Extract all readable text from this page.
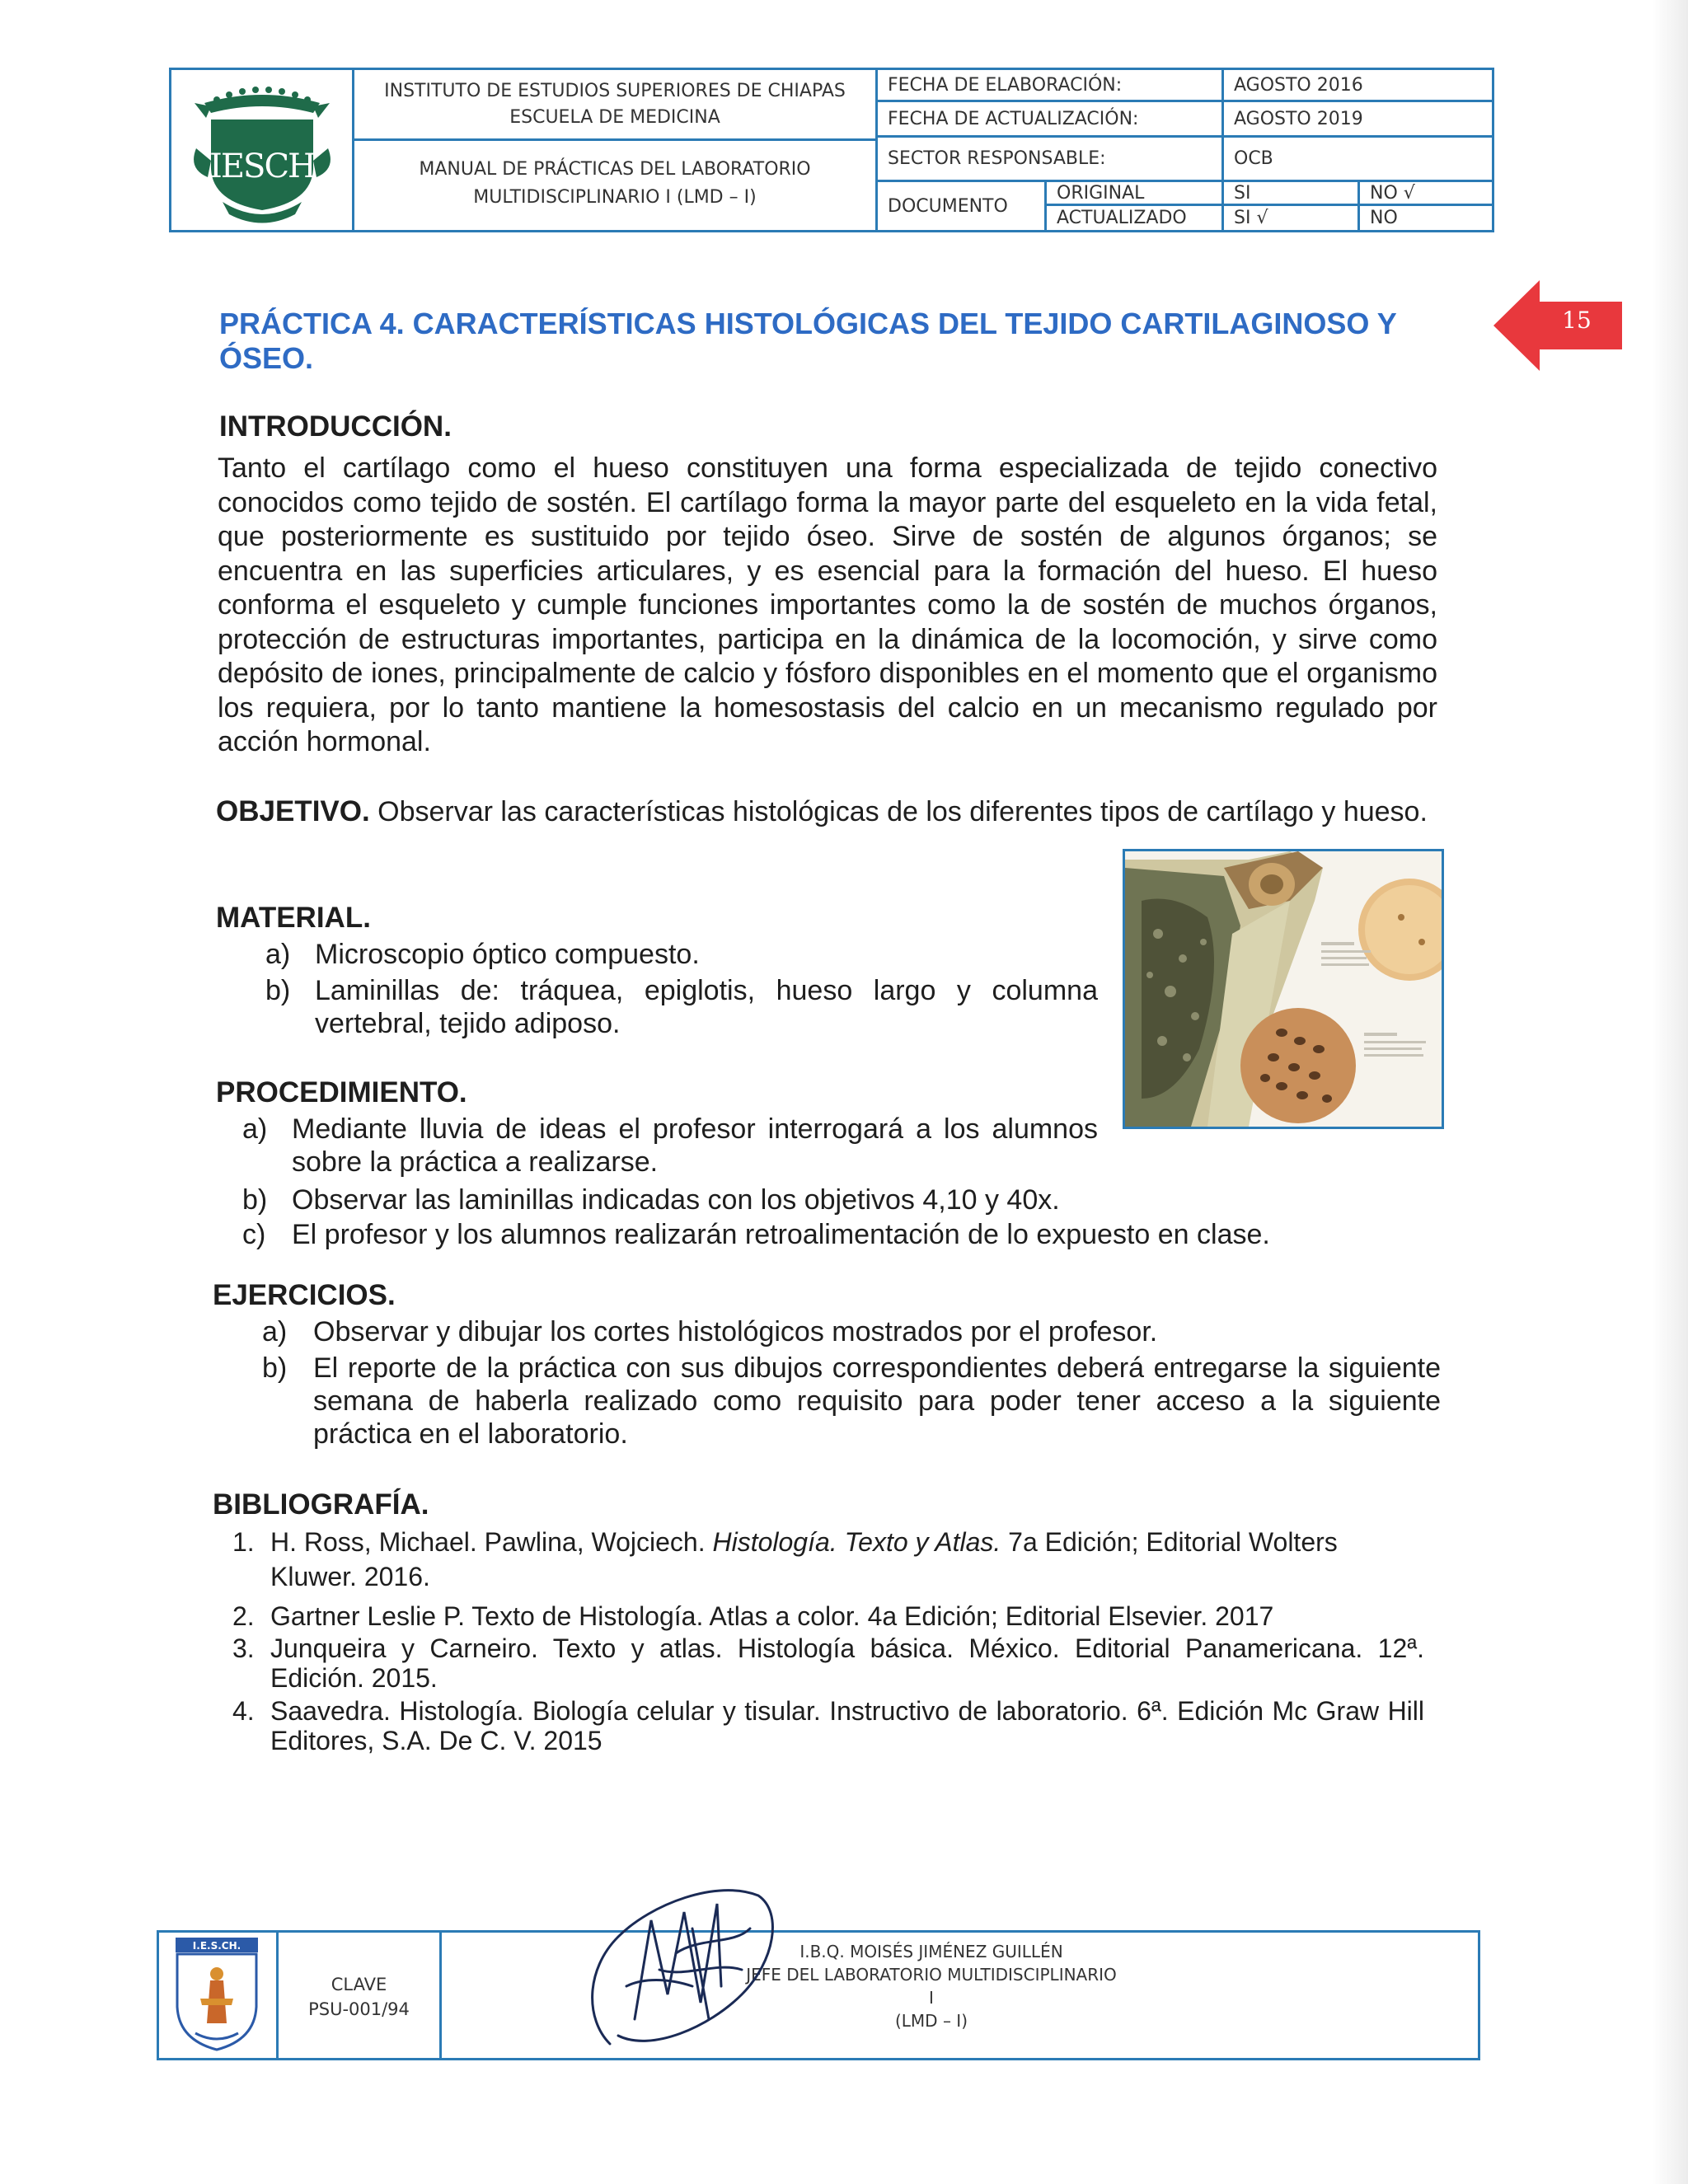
IESCH
INSTITUTO DE ESTUDIOS SUPERIORES DE CHIAPAS
ESCUELA DE MEDICINA
MANUAL DE PRÁCTICAS DEL LABORATORIO
MULTIDISCIPLINARIO I (LMD – I)
FECHA DE ELABORACIÓN:	AGOSTO 2016
FECHA DE ACTUALIZACIÓN:	AGOSTO 2019
SECTOR RESPONSABLE:	OCB
DOCUMENTO
ORIGINAL	SI	NO √
ACTUALIZADO	SI √	NO
15
PRÁCTICA 4. CARACTERÍSTICAS HISTOLÓGICAS DEL TEJIDO CARTILAGINOSO Y ÓSEO.
INTRODUCCIÓN.
Tanto el cartílago como el hueso constituyen una forma especializada de tejido conectivo conocidos como tejido de sostén. El cartílago forma la mayor parte del esqueleto en la vida fetal, que posteriormente es sustituido por tejido óseo. Sirve de sostén de algunos órganos; se encuentra en las superficies articulares, y es esencial para la formación del hueso. El hueso conforma el esqueleto y cumple funciones importantes como la de sostén de muchos órganos, protección de estructuras importantes, participa en la dinámica de la locomoción, y sirve como depósito de iones, principalmente de calcio y fósforo disponibles en el momento que el organismo los requiera, por lo tanto mantiene la homesostasis del calcio en un mecanismo regulado por acción hormonal.
OBJETIVO. Observar las características histológicas de los diferentes tipos de cartílago y hueso.
MATERIAL.
a) Microscopio óptico compuesto.
b) Laminillas de: tráquea, epiglotis, hueso largo y columna vertebral, tejido adiposo.
PROCEDIMIENTO.
a) Mediante lluvia de ideas el profesor interrogará a los alumnos sobre la práctica a realizarse.
b) Observar las laminillas indicadas con los objetivos 4,10 y 40x.
c) El profesor y los alumnos realizarán retroalimentación de lo expuesto en clase.
EJERCICIOS.
a) Observar y dibujar los cortes histológicos mostrados por el profesor.
b) El reporte de la práctica con sus dibujos correspondientes deberá entregarse la siguiente semana de haberla realizado como requisito para poder tener acceso a la siguiente práctica en el laboratorio.
BIBLIOGRAFÍA.
1. H. Ross, Michael. Pawlina, Wojciech. Histología. Texto y Atlas. 7a Edición; Editorial Wolters Kluwer. 2016.
2. Gartner Leslie P. Texto de Histología. Atlas a color. 4a Edición; Editorial Elsevier. 2017
3. Junqueira y Carneiro. Texto y atlas. Histología básica. México. Editorial Panamericana. 12ª. Edición. 2015.
4. Saavedra. Histología. Biología celular y tisular. Instructivo de laboratorio. 6ª. Edición Mc Graw Hill Editores, S.A. De C. V. 2015
I.E.S.CH.
CLAVE
PSU-001/94
I.B.Q. MOISÉS JIMÉNEZ GUILLÉN
JEFE DEL LABORATORIO MULTIDISCIPLINARIO I
(LMD – I)
